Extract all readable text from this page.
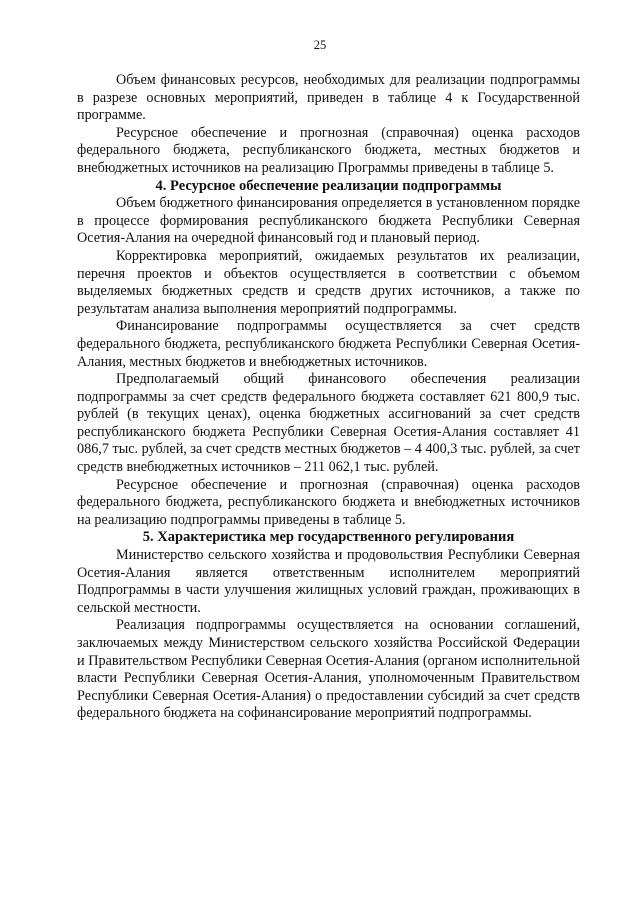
25

Объем финансовых ресурсов, необходимых для реализации подпрограммы в разрезе основных мероприятий, приведен в таблице 4 к Государственной программе.

Ресурсное обеспечение и прогнозная (справочная) оценка расходов федерального бюджета, республиканского бюджета, местных бюджетов и внебюджетных источников на реализацию Программы приведены в таблице 5.

4. Ресурсное обеспечение реализации подпрограммы

Объем бюджетного финансирования определяется в установленном порядке в процессе формирования республиканского бюджета Республики Северная Осетия-Алания на очередной финансовый год и плановый период.

Корректировка мероприятий, ожидаемых результатов их реализации, перечня проектов и объектов осуществляется в соответствии с объемом выделяемых бюджетных средств и средств других источников, а также по результатам анализа выполнения мероприятий подпрограммы.

Финансирование подпрограммы осуществляется за счет средств федерального бюджета, республиканского бюджета Республики Северная Осетия-Алания, местных бюджетов и внебюджетных источников.

Предполагаемый общий финансового обеспечения реализации подпрограммы за счет средств федерального бюджета составляет 621 800,9 тыс. рублей (в текущих ценах), оценка бюджетных ассигнований за счет средств республиканского бюджета Республики Северная Осетия-Алания составляет 41 086,7 тыс. рублей, за счет средств местных бюджетов – 4 400,3 тыс. рублей, за счет средств внебюджетных источников – 211 062,1 тыс. рублей.

Ресурсное обеспечение и прогнозная (справочная) оценка расходов федерального бюджета, республиканского бюджета и внебюджетных источников на реализацию подпрограммы приведены в таблице 5.

5. Характеристика мер государственного регулирования

Министерство сельского хозяйства и продовольствия Республики Северная Осетия-Алания является ответственным исполнителем мероприятий Подпрограммы в части улучшения жилищных условий граждан, проживающих в сельской местности.

Реализация подпрограммы осуществляется на основании соглашений, заключаемых между Министерством сельского хозяйства Российской Федерации и Правительством Республики Северная Осетия-Алания (органом исполнительной власти Республики Северная Осетия-Алания, уполномоченным Правительством Республики Северная Осетия-Алания) о предоставлении субсидий за счет средств федерального бюджета на софинансирование мероприятий подпрограммы.
